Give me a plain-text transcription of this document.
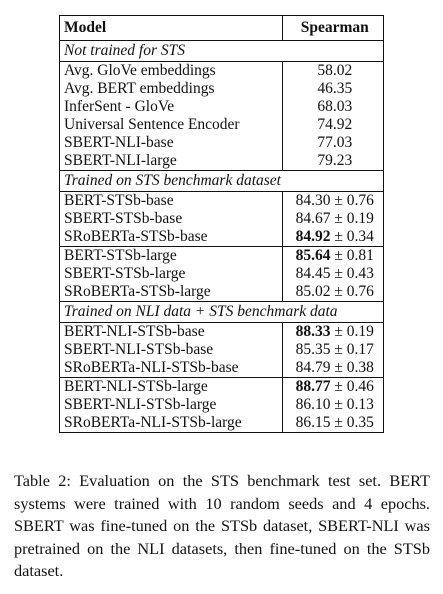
Model	Spearman
Not trained for STS	
Avg. GloVe embeddings	58.02
Avg. BERT embeddings	46.35
InferSent - GloVe	68.03
Universal Sentence Encoder	74.92
SBERT-NLI-base	77.03
SBERT-NLI-large	79.23
Trained on STS benchmark dataset	
BERT-STSb-base	84.30 ± 0.76
SBERT-STSb-base	84.67 ± 0.19
SRoBERTa-STSb-base	84.92 ± 0.34
BERT-STSb-large	85.64 ± 0.81
SBERT-STSb-large	84.45 ± 0.43
SRoBERTa-STSb-large	85.02 ± 0.76
Trained on NLI data + STS benchmark data	
BERT-NLI-STSb-base	88.33 ± 0.19
SBERT-NLI-STSb-base	85.35 ± 0.17
SRoBERTa-NLI-STSb-base	84.79 ± 0.38
BERT-NLI-STSb-large	88.77 ± 0.46
SBERT-NLI-STSb-large	86.10 ± 0.13
SRoBERTa-NLI-STSb-large	86.15 ± 0.35
Table 2: Evaluation on the STS benchmark test set. BERT systems were trained with 10 random seeds and 4 epochs. SBERT was fine-tuned on the STSb dataset, SBERT-NLI was pretrained on the NLI datasets, then fine-tuned on the STSb dataset.
